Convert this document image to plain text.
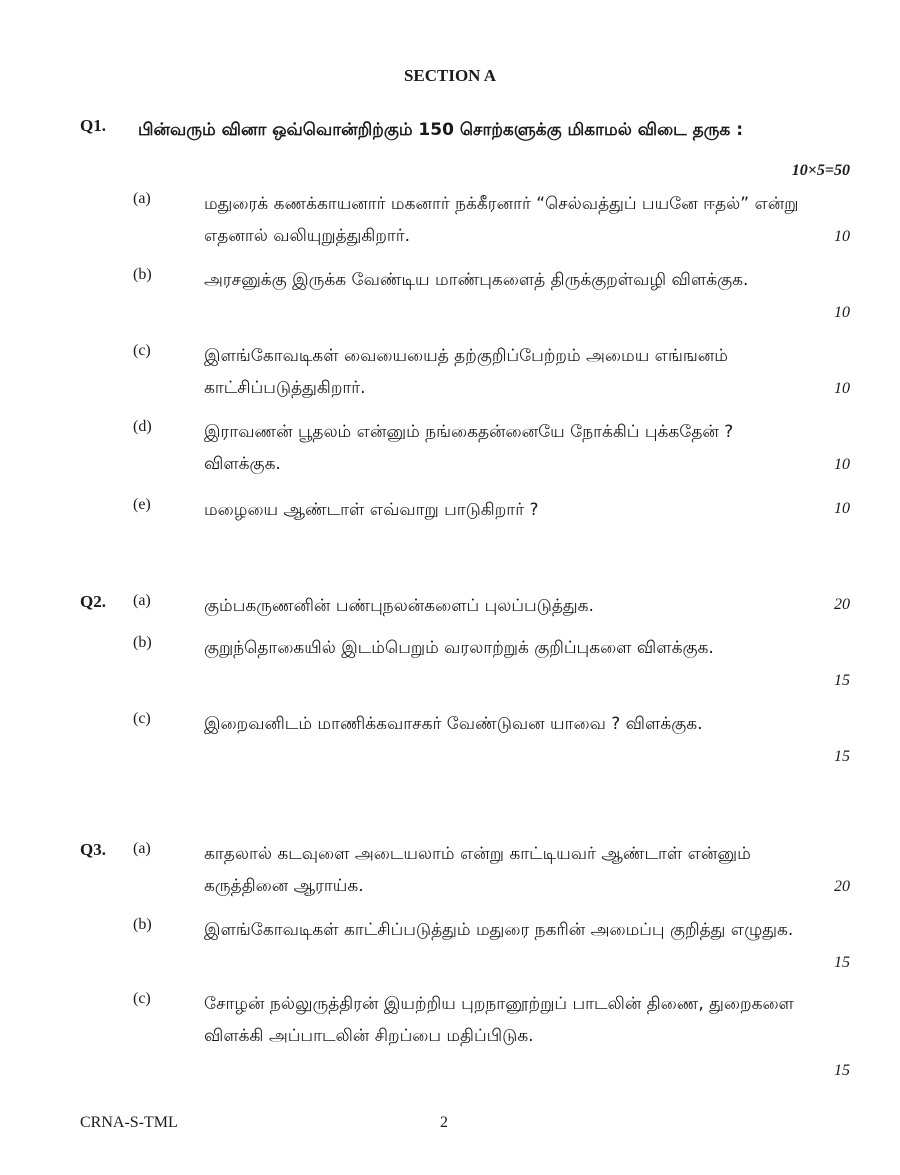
SECTION A
Q1. பின்வரும் வினா ஒவ்வொன்றிற்கும் 150 சொற்களுக்கு மிகாமல் விடை தருக :
10×5=50
(a)	மதுரைக் கணக்காயனார் மகனார் நக்கீரனார் “செல்வத்துப் பயனே ஈதல்” என்று எதனால் வலியுறுத்துகிறார்.	10
(b)	அரசனுக்கு இருக்க வேண்டிய மாண்புகளைத் திருக்குறள்வழி விளக்குக.
10
(c)	இளங்கோவடிகள் வையையைத் தற்குறிப்பேற்றம் அமைய எங்ஙனம் காட்சிப்படுத்துகிறார்.	10
(d)	இராவணன் பூதலம் என்னும் நங்கைதன்னையே நோக்கிப் புக்கதேன் ? விளக்குக.	10
(e)	மழையை ஆண்டாள் எவ்வாறு பாடுகிறார் ?	10
Q2. (a)	கும்பகருணனின் பண்புநலன்களைப் புலப்படுத்துக.	20
(b)	குறுந்தொகையில் இடம்பெறும் வரலாற்றுக் குறிப்புகளை விளக்குக.
15
(c)	இறைவனிடம் மாணிக்கவாசகர் வேண்டுவன யாவை ? விளக்குக.
15
Q3. (a)	காதலால் கடவுளை அடையலாம் என்று காட்டியவர் ஆண்டாள் என்னும் கருத்தினை ஆராய்க.	20
(b)	இளங்கோவடிகள் காட்சிப்படுத்தும் மதுரை நகரின் அமைப்பு குறித்து எழுதுக.
15
(c)	சோழன் நல்லுருத்திரன் இயற்றிய புறநானூற்றுப் பாடலின் திணை, துறைகளை விளக்கி அப்பாடலின் சிறப்பை மதிப்பிடுக.
15
CRNA-S-TML	2
